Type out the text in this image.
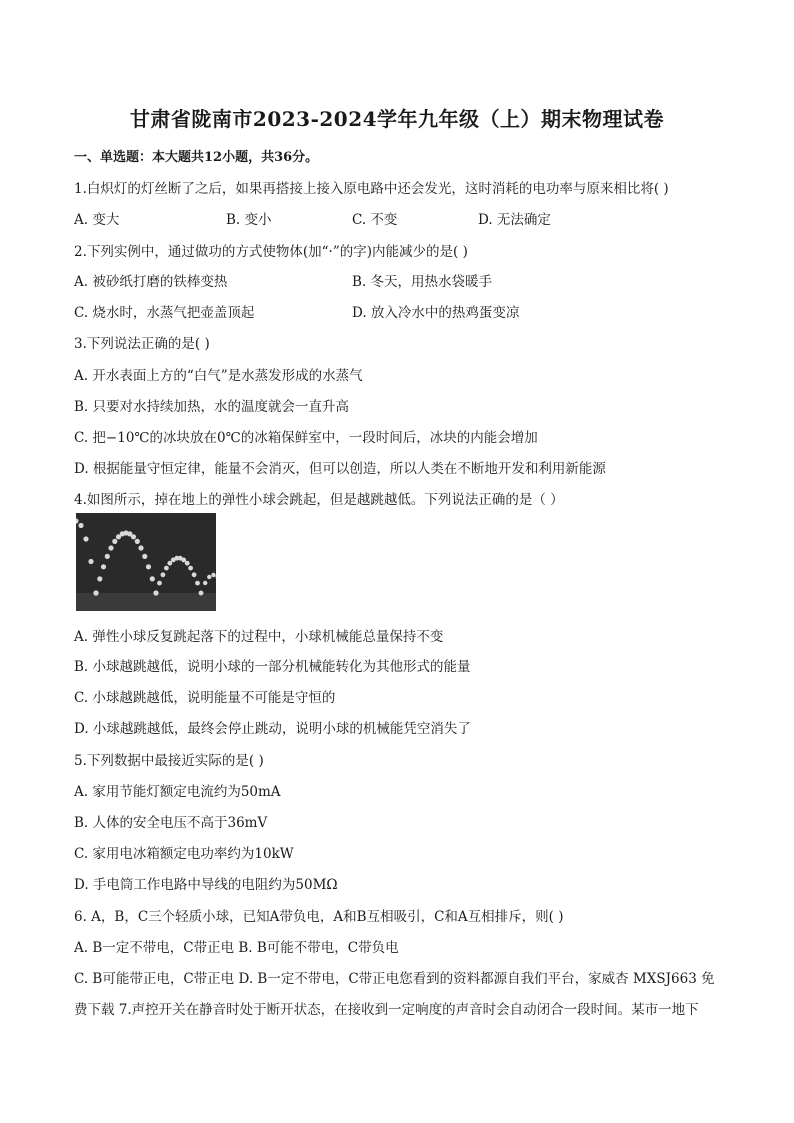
甘肃省陇南市2023-2024学年九年级（上）期末物理试卷
一、单选题：本大题共12小题，共36分。
1.白炽灯的灯丝断了之后，如果再搭接上接入原电路中还会发光，这时消耗的电功率与原来相比将( )
A. 变大	B. 变小	C. 不变	D. 无法确定
2.下列实例中，通过做功的方式使物体(加“·”的字)内能减少的是( )
A. 被砂纸打磨的铁棒变热	B. 冬天，用热水袋暖手
C. 烧水时，水蒸气把壶盖顶起	D. 放入冷水中的热鸡蛋变凉
3.下列说法正确的是( )
A. 开水表面上方的“白气”是水蒸发形成的水蒸气
B. 只要对水持续加热，水的温度就会一直升高
C. 把−10℃的冰块放在0℃的冰箱保鲜室中，一段时间后，冰块的内能会增加
D. 根据能量守恒定律，能量不会消灭，但可以创造，所以人类在不断地开发和利用新能源
4.如图所示，掉在地上的弹性小球会跳起，但是越跳越低。下列说法正确的是（ ）
A. 弹性小球反复跳起落下的过程中，小球机械能总量保持不变
B. 小球越跳越低，说明小球的一部分机械能转化为其他形式的能量
C. 小球越跳越低，说明能量不可能是守恒的
D. 小球越跳越低，最终会停止跳动，说明小球的机械能凭空消失了
5.下列数据中最接近实际的是( )
A. 家用节能灯额定电流约为50mA
B. 人体的安全电压不高于36mV
C. 家用电冰箱额定电功率约为10kW
D. 手电筒工作电路中导线的电阻约为50MΩ
6. A，B，C三个轻质小球，已知A带负电，A和B互相吸引，C和A互相排斥，则( )
A. B一定不带电，C带正电 B. B可能不带电，C带负电
C. B可能带正电，C带正电 D. B一定不带电，C带正电您看到的资料都源自我们平台，家威杏 MXSJ663 免
费下载 7.声控开关在静音时处于断开状态，在接收到一定响度的声音时会自动闭合一段时间。某市一地下
